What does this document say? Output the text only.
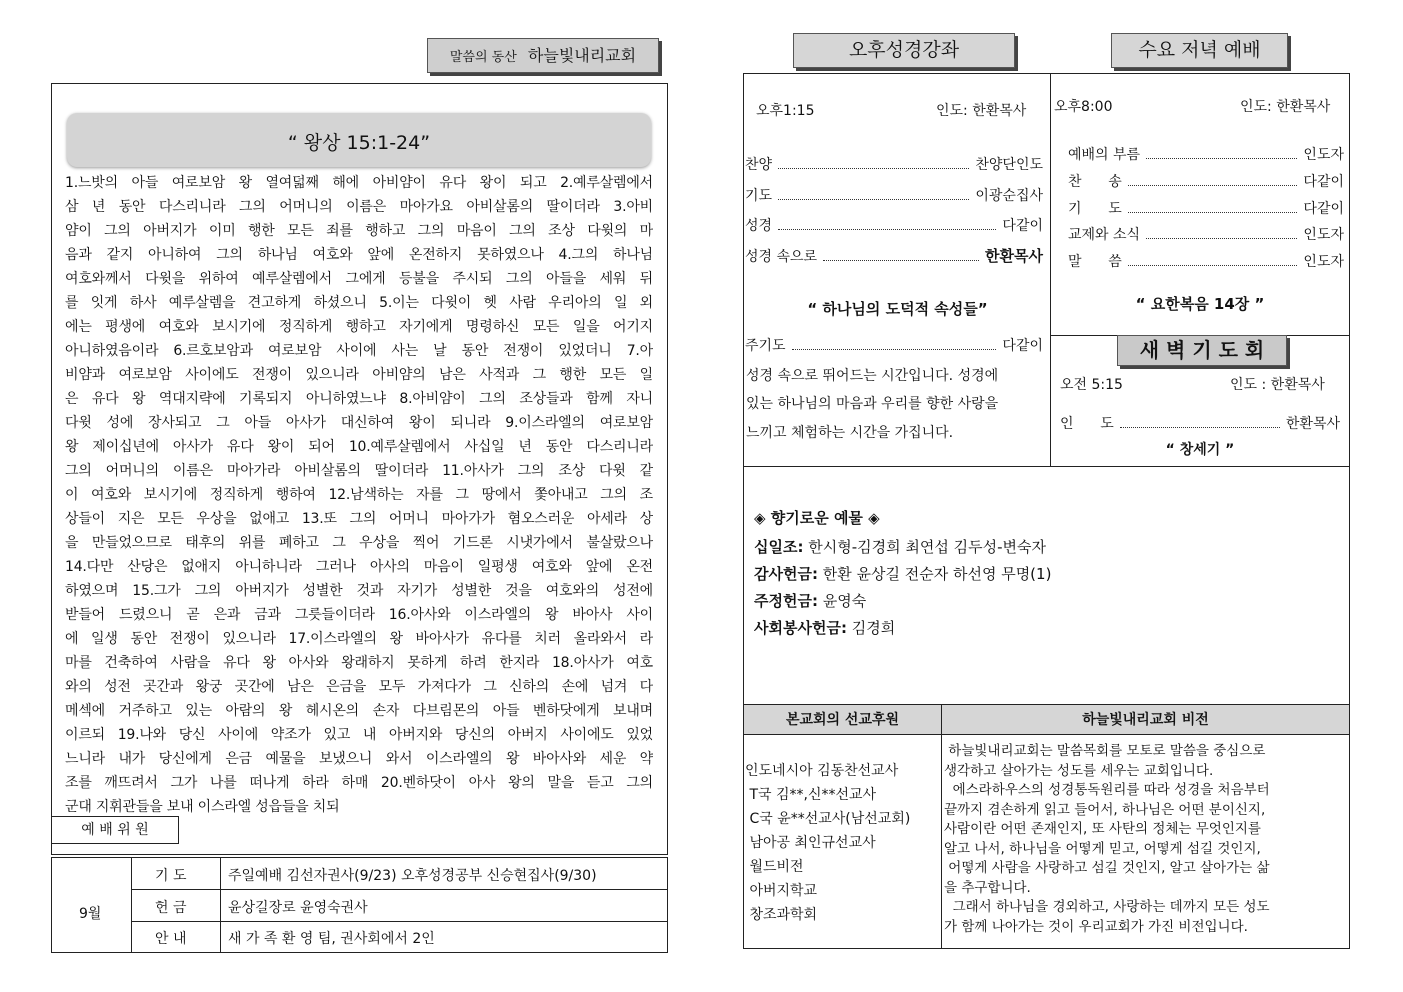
말씀의 동산 하늘빛내리교회
“ 왕상 15:1-24”
1.느밧의 아들 여로보암 왕 열여덟째 해에 아비얌이 유다 왕이 되고 2.예루살렘에서
삼 년 동안 다스리니라 그의 어머니의 이름은 마아가요 아비살롬의 딸이더라 3.아비
얌이 그의 아버지가 이미 행한 모든 죄를 행하고 그의 마음이 그의 조상 다윗의 마
음과 같지 아니하여 그의 하나님 여호와 앞에 온전하지 못하였으나 4.그의 하나님
여호와께서 다윗을 위하여 예루살렘에서 그에게 등불을 주시되 그의 아들을 세워 뒤
를 잇게 하사 예루살렘을 견고하게 하셨으니 5.이는 다윗이 헷 사람 우리아의 일 외
에는 평생에 여호와 보시기에 정직하게 행하고 자기에게 명령하신 모든 일을 어기지
아니하였음이라 6.르호보암과 여로보암 사이에 사는 날 동안 전쟁이 있었더니 7.아
비얌과 여로보암 사이에도 전쟁이 있으니라 아비얌의 남은 사적과 그 행한 모든 일
은 유다 왕 역대지략에 기록되지 아니하였느냐 8.아비얌이 그의 조상들과 함께 자니
다윗 성에 장사되고 그 아들 아사가 대신하여 왕이 되니라 9.이스라엘의 여로보암
왕 제이십년에 아사가 유다 왕이 되어 10.예루살렘에서 사십일 년 동안 다스리니라
그의 어머니의 이름은 마아가라 아비살롬의 딸이더라 11.아사가 그의 조상 다윗 같
이 여호와 보시기에 정직하게 행하여 12.남색하는 자를 그 땅에서 쫓아내고 그의 조
상들이 지은 모든 우상을 없애고 13.또 그의 어머니 마아가가 혐오스러운 아세라 상
을 만들었으므로 태후의 위를 폐하고 그 우상을 찍어 기드론 시냇가에서 불살랐으나
14.다만 산당은 없애지 아니하니라 그러나 아사의 마음이 일평생 여호와 앞에 온전
하였으며 15.그가 그의 아버지가 성별한 것과 자기가 성별한 것을 여호와의 성전에
받들어 드렸으니 곧 은과 금과 그릇들이더라 16.아사와 이스라엘의 왕 바아사 사이
에 일생 동안 전쟁이 있으니라 17.이스라엘의 왕 바아사가 유다를 치러 올라와서 라
마를 건축하여 사람을 유다 왕 아사와 왕래하지 못하게 하려 한지라 18.아사가 여호
와의 성전 곳간과 왕궁 곳간에 남은 은금을 모두 가져다가 그 신하의 손에 넘겨 다
메섹에 거주하고 있는 아람의 왕 헤시온의 손자 다브림몬의 아들 벤하닷에게 보내며
이르되 19.나와 당신 사이에 약조가 있고 내 아버지와 당신의 아버지 사이에도 있었
느니라 내가 당신에게 은금 예물을 보냈으니 와서 이스라엘의 왕 바아사와 세운 약
조를 깨뜨려서 그가 나를 떠나게 하라 하매 20.벤하닷이 아사 왕의 말을 듣고 그의
군대 지휘관들을 보내 이스라엘 성읍들을 치되
예 배 위 원
9월
기 도	주일예배 김선자권사(9/23) 오후성경공부 신승현집사(9/30)
헌 금	윤상길장로 윤영숙권사
안 내	새 가 족 환 영 팀, 권사회에서 2인
오후성경강좌	수요 저녁 예배
오후1:15	인도: 한환목사
찬양	찬양단인도
기도	이광순집사
성경	다같이
성경 속으로	한환목사
“ 하나님의 도덕적 속성들”
주기도	다같이
성경 속으로 뛰어드는 시간입니다. 성경에
있는 하나님의 마음과 우리를 향한 사랑을
느끼고 체험하는 시간을 가집니다.
오후8:00	인도: 한환목사
예배의 부름	인도자
찬      송	다같이
기      도	다같이
교제와 소식	인도자
말      씀	인도자
“ 요한복음 14장 ”
새 벽 기 도 회
오전 5:15	인도 : 한환목사
인      도	한환목사
“ 창세기 ”
◈ 향기로운 예물 ◈
십일조: 한시형-김경희 최연섭 김두성-변숙자
감사헌금: 한환 윤상길 전순자 하선영 무명(1)
주정헌금: 윤영숙
사회봉사헌금: 김경희
본교회의 선교후원	하늘빛내리교회 비전
인도네시아 김동찬선교사
T국 김**,신**선교사
C국 윤**선교사(남선교회)
남아공 최인규선교사
월드비전
아버지학교
창조과학회
하늘빛내리교회는 말씀목회를 모토로 말씀을 중심으로
생각하고 살아가는 성도를 세우는 교회입니다.
에스라하우스의 성경통독원리를 따라 성경을 처음부터
끝까지 겸손하게 읽고 들어서, 하나님은 어떤 분이신지,
사람이란 어떤 존재인지, 또 사탄의 정체는 무엇인지를
알고 나서, 하나님을 어떻게 믿고, 어떻게 섬길 것인지,
어떻게 사람을 사랑하고 섬길 것인지, 알고 살아가는 삶
을 추구합니다.
그래서 하나님을 경외하고, 사랑하는 데까지 모든 성도
가 함께 나아가는 것이 우리교회가 가진 비전입니다.
